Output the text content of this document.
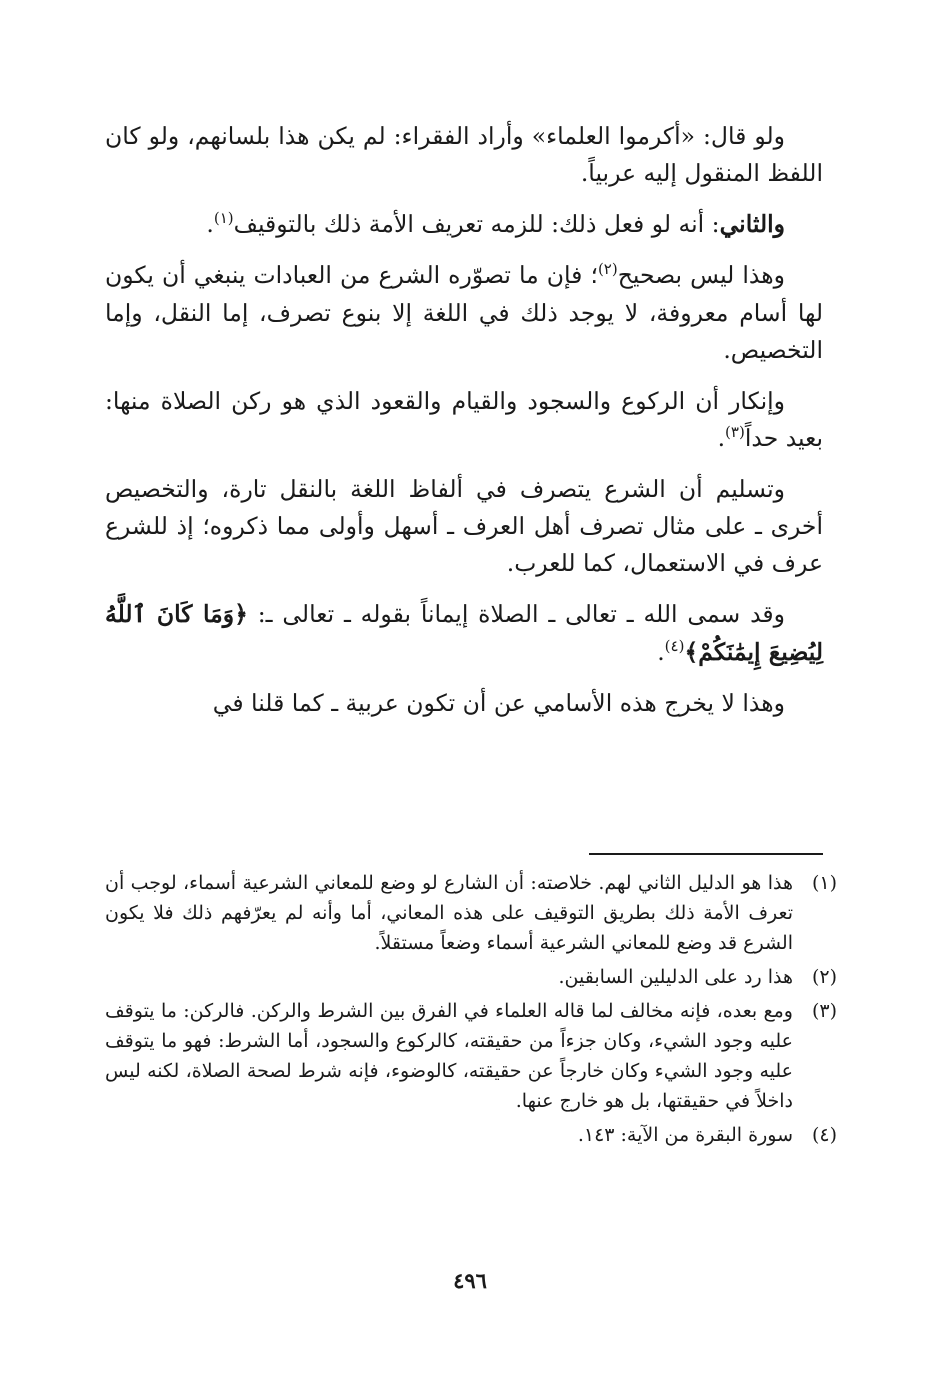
ولو قال: «أكرموا العلماء» وأراد الفقراء: لم يكن هذا بلسانهم، ولو كان اللفظ المنقول إليه عربياً.

والثاني: أنه لو فعل ذلك: للزمه تعريف الأمة ذلك بالتوقيف$^{(١)}$.

وهذا ليس بصحيح$^{(٢)}$؛ فإن ما تصوّره الشرع من العبادات ينبغي أن يكون لها أسام معروفة، لا يوجد ذلك في اللغة إلا بنوع تصرف، إما النقل، وإما التخصيص.

وإنكار أن الركوع والسجود والقيام والقعود الذي هو ركن الصلاة منها: بعيد حداً$^{(٣)}$.

وتسليم أن الشرع يتصرف في ألفاظ اللغة بالنقل تارة، والتخصيص أخرى ـ على مثال تصرف أهل العرف ـ أسهل وأولى مما ذكروه؛ إذ للشرع عرف في الاستعمال، كما للعرب.

وقد سمى الله ـ تعالى ـ الصلاة إيماناً بقوله ـ تعالى ـ: ﴿وَمَا كَانَ ٱللَّهُ لِيُضِيعَ إِيمَٰنَكُمْ﴾$^{(٤)}$.

وهذا لا يخرج هذه الأسامي عن أن تكون عربية ـ كما قلنا في

(١)
هذا هو الدليل الثاني لهم. خلاصته: أن الشارع لو وضع للمعاني الشرعية أسماء، لوجب أن تعرف الأمة ذلك بطريق التوقيف على هذه المعاني، أما وأنه لم يعرّفهم ذلك فلا يكون الشرع قد وضع للمعاني الشرعية أسماء وضعاً مستقلاً.
(٢)
هذا رد على الدليلين السابقين.
(٣)
ومع بعده، فإنه مخالف لما قاله العلماء في الفرق بين الشرط والركن. فالركن: ما يتوقف عليه وجود الشيء، وكان جزءاً من حقيقته، كالركوع والسجود، أما الشرط: فهو ما يتوقف عليه وجود الشيء وكان خارجاً عن حقيقته، كالوضوء، فإنه شرط لصحة الصلاة، لكنه ليس داخلاً في حقيقتها، بل هو خارج عنها.
(٤)
سورة البقرة من الآية: ١٤٣.
٤٩٦
